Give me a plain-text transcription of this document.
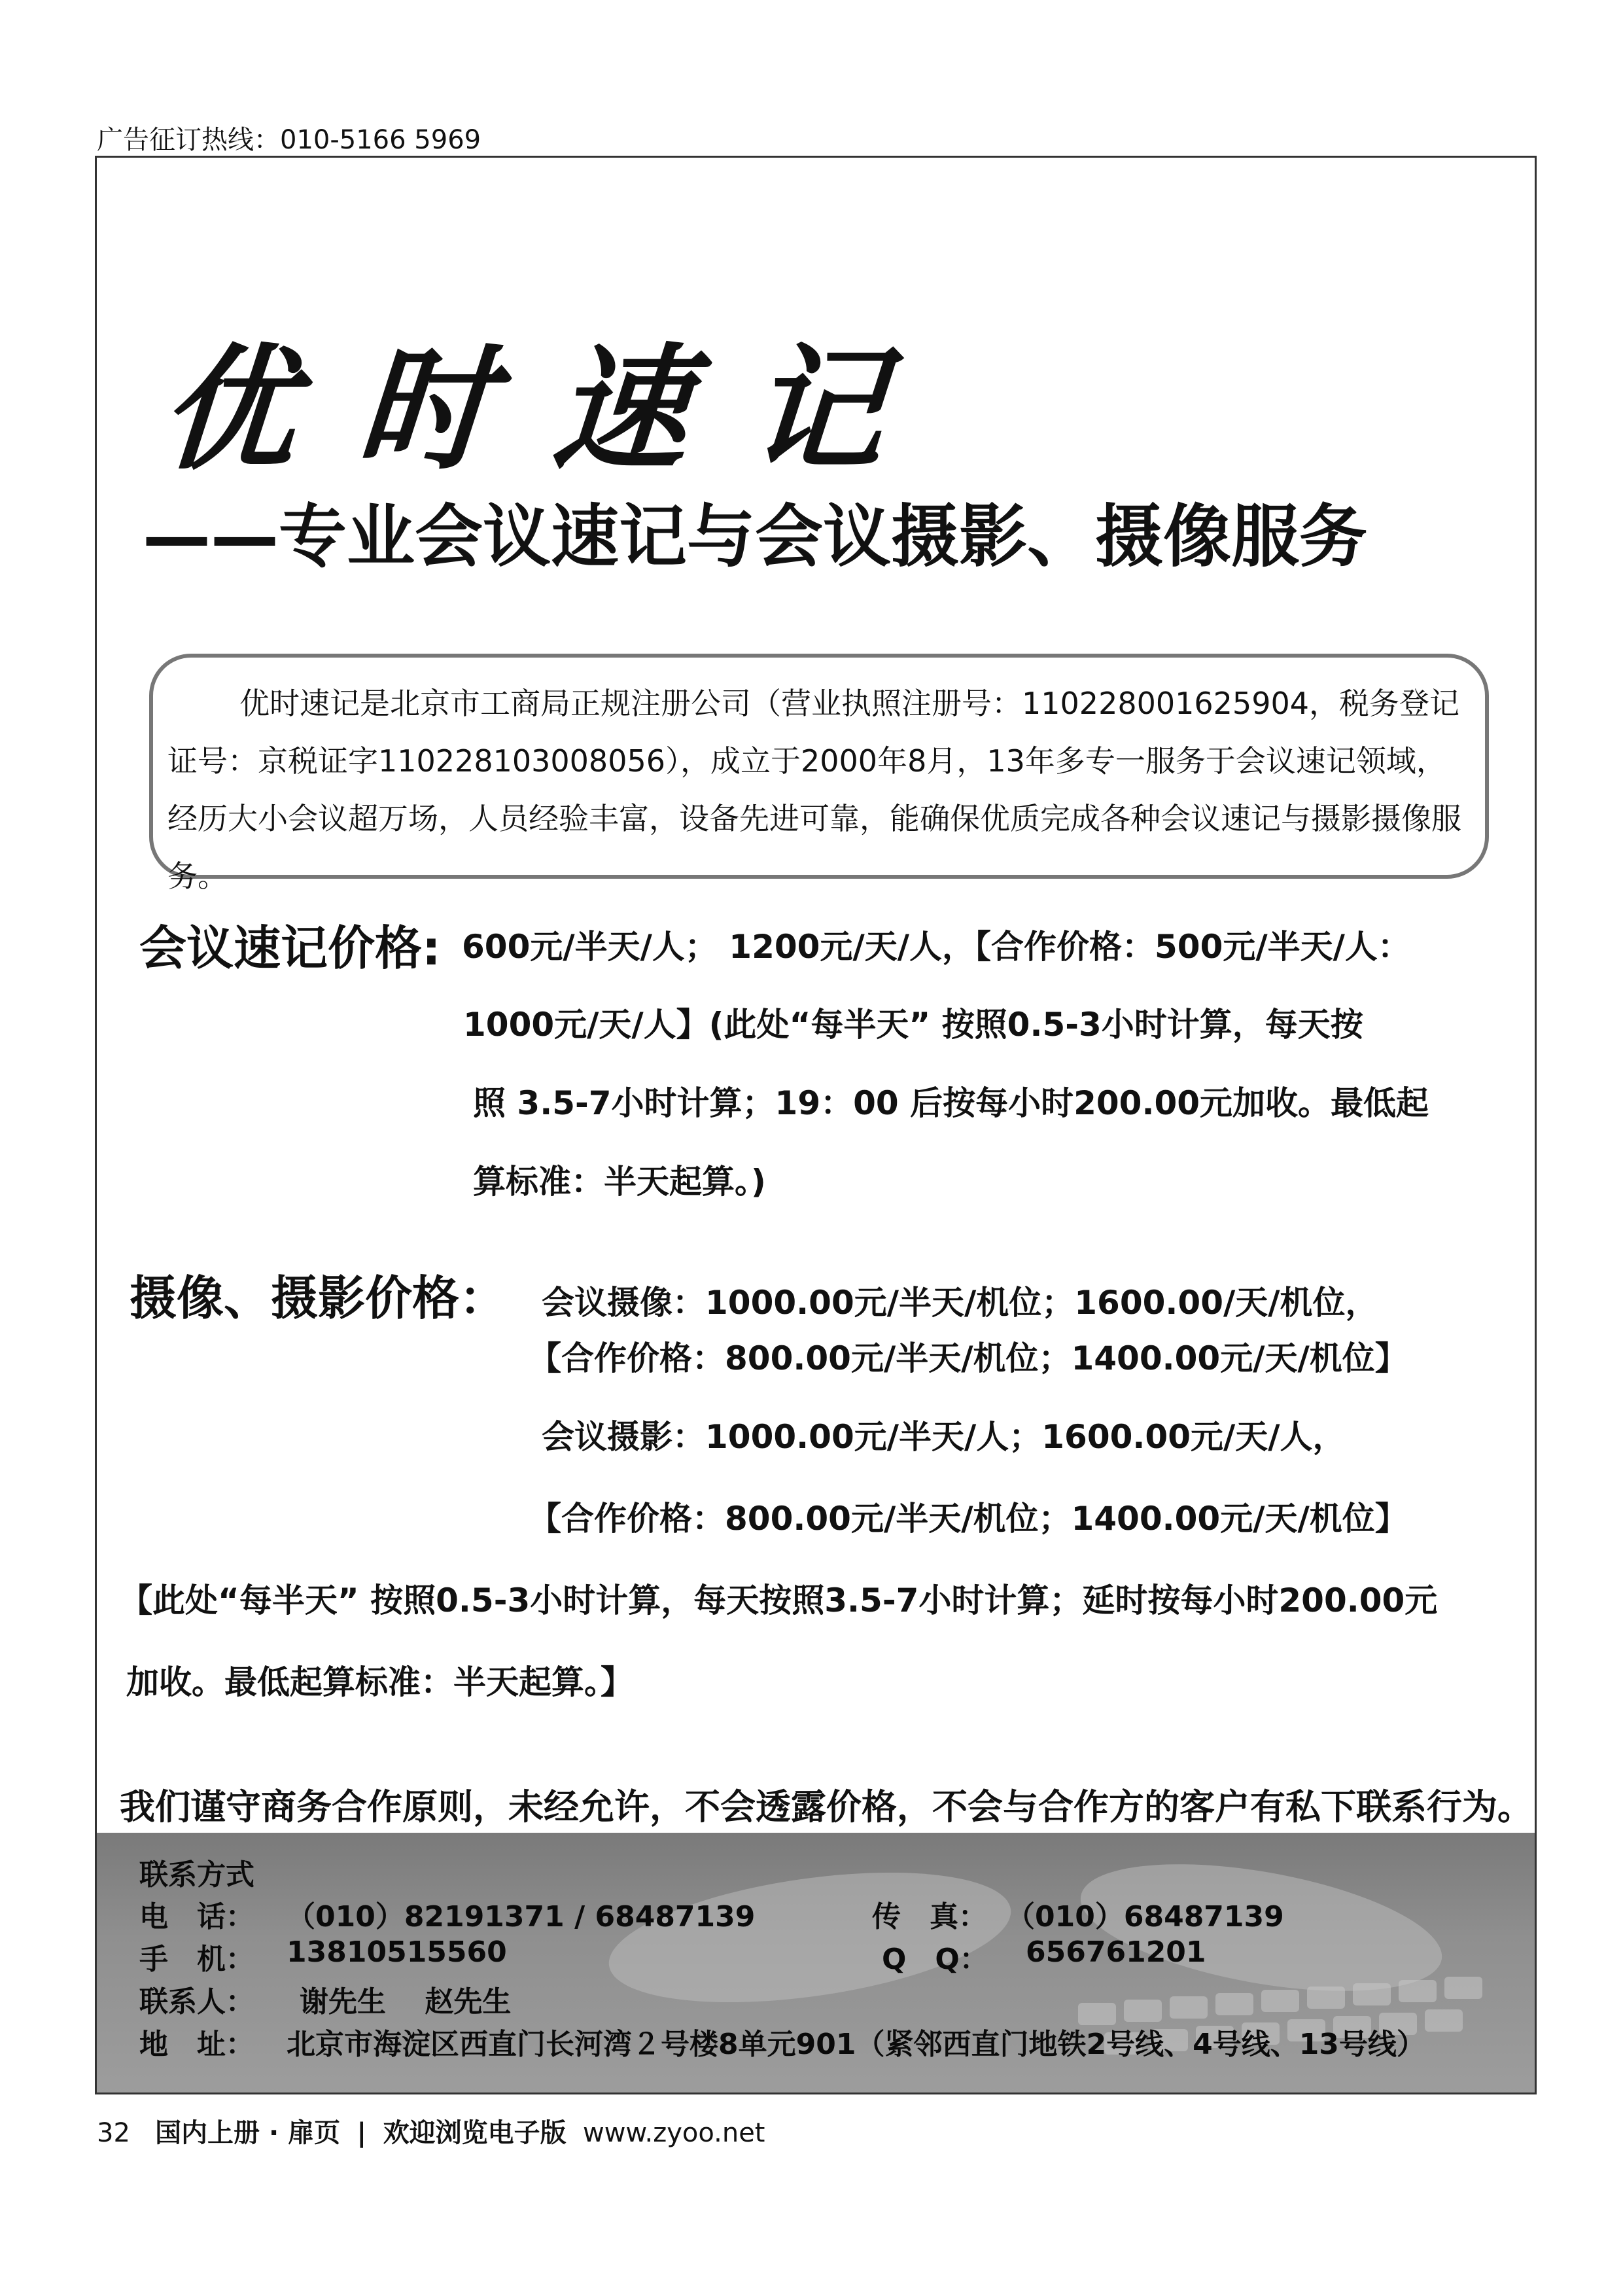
广告征订热线：010-5166 5969
优时速记
——专业会议速记与会议摄影、摄像服务

优时速记是北京市工商局正规注册公司（营业执照注册号：110228001625904，税务登记证号：京税证字110228103008056），成立于2000年8月，13年多专一服务于会议速记领域，经历大小会议超万场，人员经验丰富，设备先进可靠，能确保优质完成各种会议速记与摄影摄像服务。

会议速记价格: 600元/半天/人； 1200元/天/人，【合作价格：500元/半天/人：
1000元/天/人】(此处“每半天” 按照0.5-3小时计算，每天按
照 3.5-7小时计算；19：00 后按每小时200.00元加收。最低起
算标准：半天起算。)
摄像、摄影价格： 会议摄像：1000.00元/半天/机位；1600.00/天/机位，
【合作价格：800.00元/半天/机位；1400.00元/天/机位】
会议摄影：1000.00元/半天/人；1600.00元/天/人，
【合作价格：800.00元/半天/机位；1400.00元/天/机位】
【此处“每半天” 按照0.5-3小时计算，每天按照3.5-7小时计算；延时按每小时200.00元
加收。最低起算标准：半天起算。】
我们谨守商务合作原则，未经允许，不会透露价格，不会与合作方的客户有私下联系行为。
联系方式
电　话： （010）82191371 / 68487139	传　真： （010）68487139
手　机： 13810515560	Q　Q： 656761201
联系人： 谢先生　 赵先生
地　址： 北京市海淀区西直门长河湾２号楼8单元901（紧邻西直门地铁2号线、4号线、13号线）
32 国内上册 · 扉页 | 欢迎浏览电子版 www.zyoo.net
